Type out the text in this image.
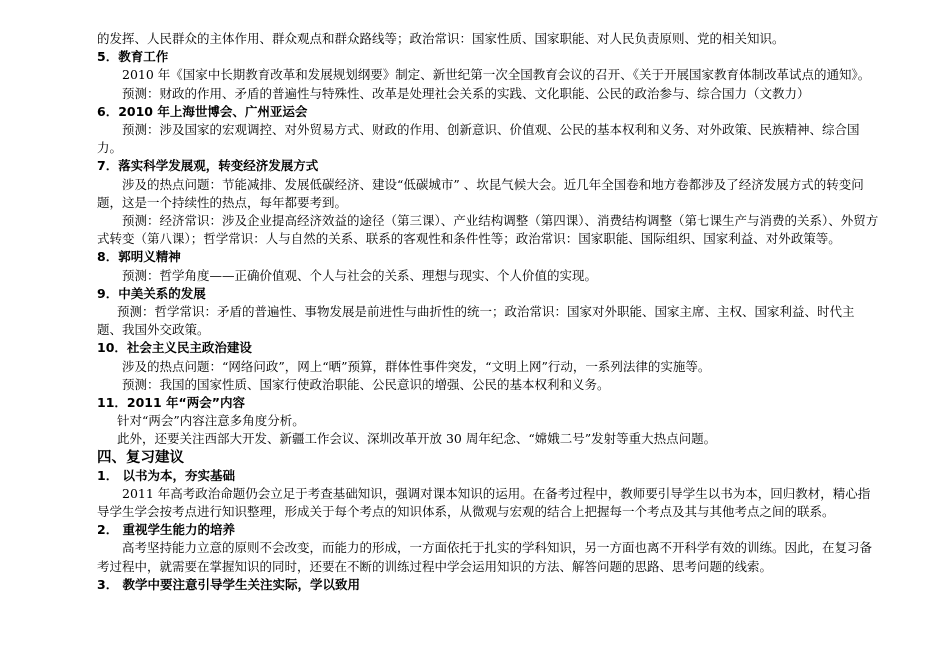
的发挥、人民群众的主体作用、群众观点和群众路线等；政治常识：国家性质、国家职能、对人民负责原则、党的相关知识。

5．教育工作

2010 年《国家中长期教育改革和发展规划纲要》制定、新世纪第一次全国教育会议的召开、《关于开展国家教育体制改革试点的通知》。

预测：财政的作用、矛盾的普遍性与特殊性、改革是处理社会关系的实践、文化职能、公民的政治参与、综合国力（文教力）

6．2010 年上海世博会、广州亚运会

预测：涉及国家的宏观调控、对外贸易方式、财政的作用、创新意识、价值观、公民的基本权利和义务、对外政策、民族精神、综合国力。

7．落实科学发展观，转变经济发展方式

涉及的热点问题：节能减排、发展低碳经济、建设“低碳城市” 、坎昆气候大会。近几年全国卷和地方卷都涉及了经济发展方式的转变问题，这是一个持续性的热点，每年都要考到。

预测：经济常识：涉及企业提高经济效益的途径（第三课）、产业结构调整（第四课）、消费结构调整（第七课生产与消费的关系）、外贸方式转变（第八课）；哲学常识：人与自然的关系、联系的客观性和条件性等；政治常识：国家职能、国际组织、国家利益、对外政策等。

8．郭明义精神

预测：哲学角度——正确价值观、个人与社会的关系、理想与现实、个人价值的实现。

9．中美关系的发展

预测：哲学常识：矛盾的普遍性、事物发展是前进性与曲折性的统一；政治常识：国家对外职能、国家主席、主权、国家利益、时代主题、我国外交政策。

10．社会主义民主政治建设

涉及的热点问题：“网络问政”，网上“晒”预算，群体性事件突发，“文明上网”行动，一系列法律的实施等。

预测：我国的国家性质、国家行使政治职能、公民意识的增强、公民的基本权利和义务。

11．2011 年“两会”内容

针对“两会”内容注意多角度分析。

此外，还要关注西部大开发、新疆工作会议、深圳改革开放 30 周年纪念、“嫦娥二号”发射等重大热点问题。

四、复习建议

1． 以书为本，夯实基础

2011 年高考政治命题仍会立足于考查基础知识，强调对课本知识的运用。在备考过程中，教师要引导学生以书为本，回归教材，精心指导学生学会按考点进行知识整理，形成关于每个考点的知识体系，从微观与宏观的结合上把握每一个考点及其与其他考点之间的联系。

2． 重视学生能力的培养

高考坚持能力立意的原则不会改变，而能力的形成，一方面依托于扎实的学科知识，另一方面也离不开科学有效的训练。因此，在复习备考过程中，就需要在掌握知识的同时，还要在不断的训练过程中学会运用知识的方法、解答问题的思路、思考问题的线索。

3． 教学中要注意引导学生关注实际，学以致用
